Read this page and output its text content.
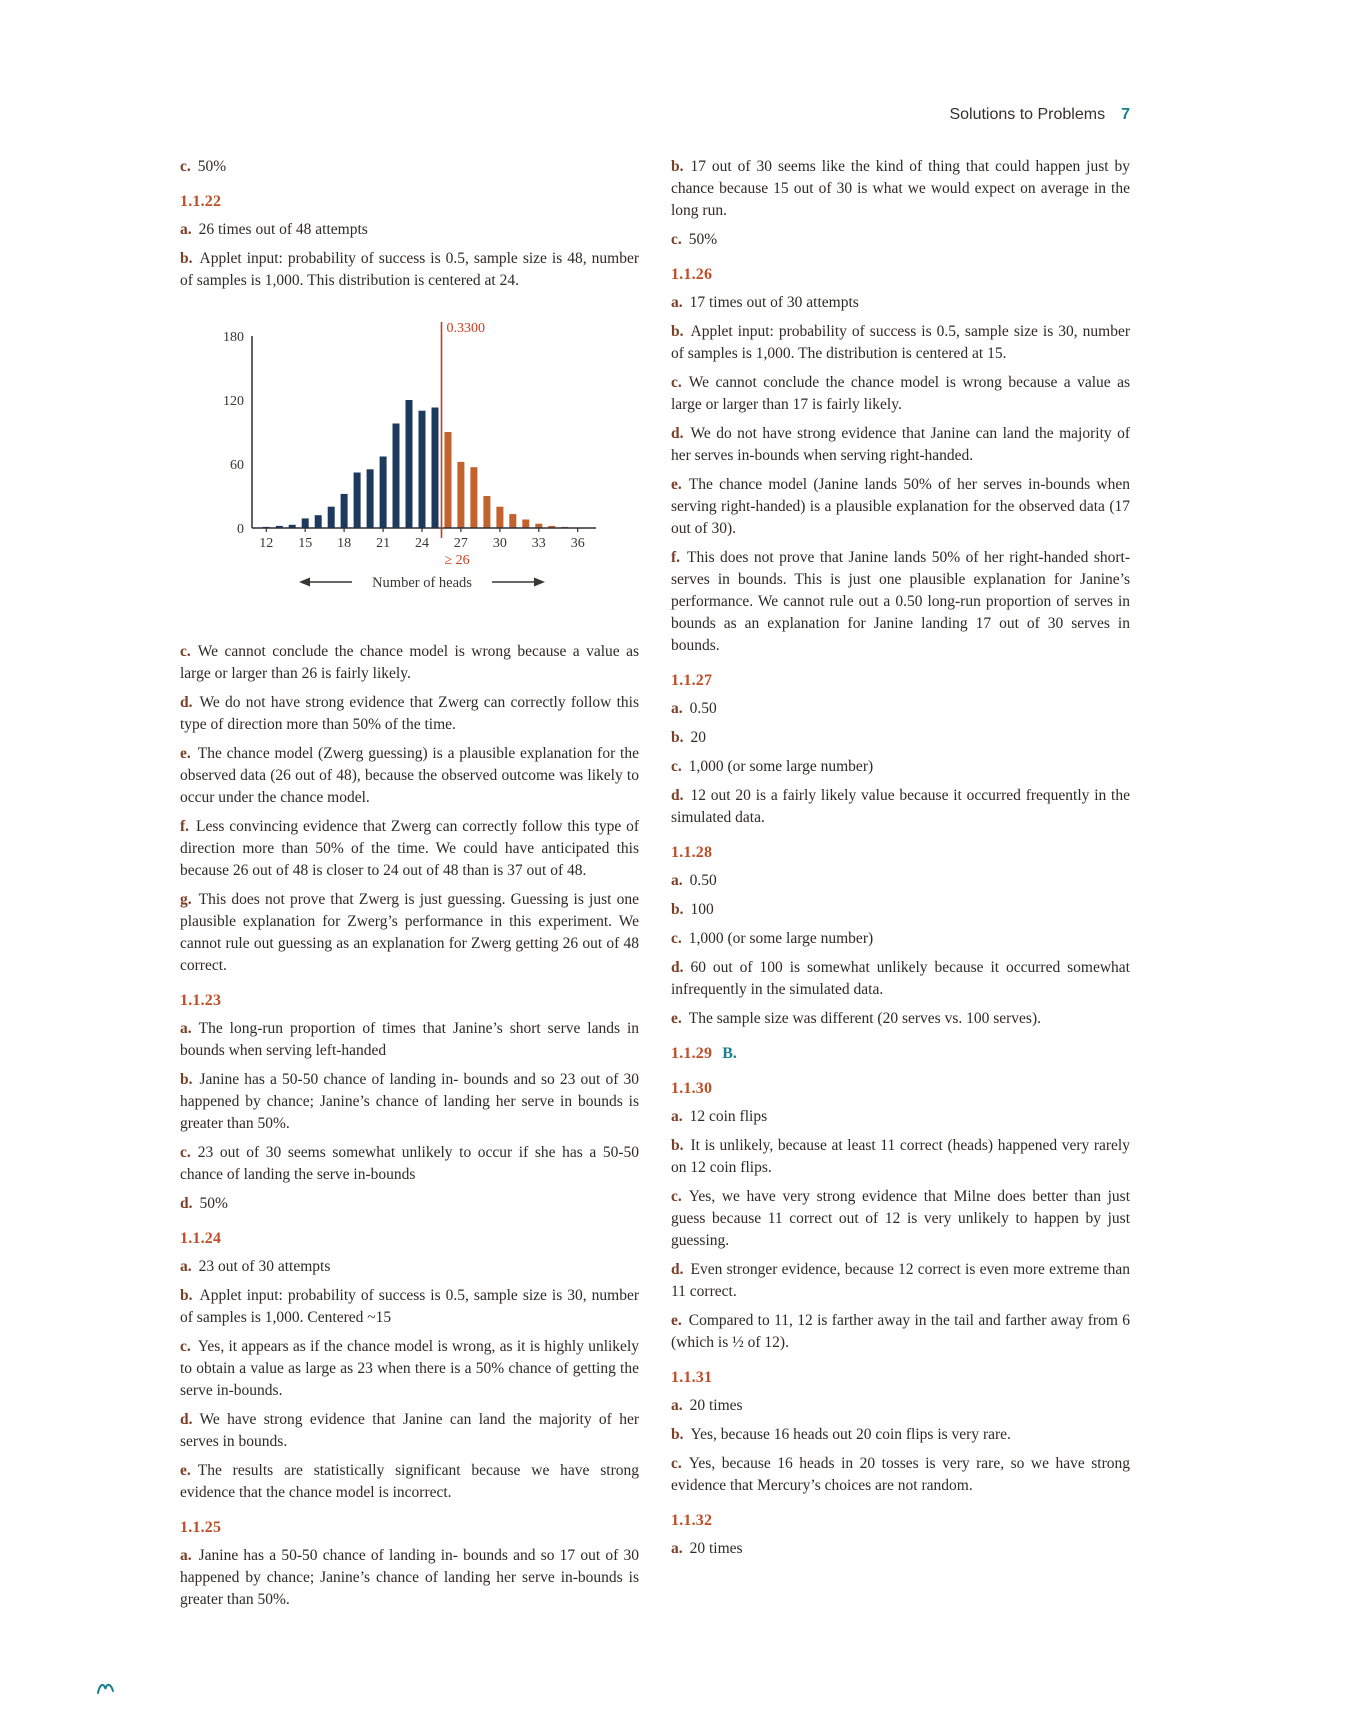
Solutions to Problems 7

c. 50%

1.1.22

a. 26 times out of 48 attempts

b. Applet input: probability of success is 0.5, sample size is 48, number of samples is 1,000. This distribution is centered at 24.

0
60
120
180
12 15 18 21 24 27 30 33 36
0.3300
≥ 26
Number of heads

c. We cannot conclude the chance model is wrong because a value as large or larger than 26 is fairly likely.

d. We do not have strong evidence that Zwerg can correctly follow this type of direction more than 50% of the time.

e. The chance model (Zwerg guessing) is a plausible explanation for the observed data (26 out of 48), because the observed outcome was likely to occur under the chance model.

f. Less convincing evidence that Zwerg can correctly follow this type of direction more than 50% of the time. We could have anticipated this because 26 out of 48 is closer to 24 out of 48 than is 37 out of 48.

g. This does not prove that Zwerg is just guessing. Guessing is just one plausible explanation for Zwerg’s performance in this experiment. We cannot rule out guessing as an explanation for Zwerg getting 26 out of 48 correct.

1.1.23

a. The long-run proportion of times that Janine’s short serve lands in bounds when serving left-handed

b. Janine has a 50-50 chance of landing in- bounds and so 23 out of 30 happened by chance; Janine’s chance of landing her serve in bounds is greater than 50%.

c. 23 out of 30 seems somewhat unlikely to occur if she has a 50-50 chance of landing the serve in-bounds

d. 50%

1.1.24

a. 23 out of 30 attempts

b. Applet input: probability of success is 0.5, sample size is 30, number of samples is 1,000. Centered ~15

c. Yes, it appears as if the chance model is wrong, as it is highly unlikely to obtain a value as large as 23 when there is a 50% chance of getting the serve in-bounds.

d. We have strong evidence that Janine can land the majority of her serves in bounds.

e. The results are statistically significant because we have strong evidence that the chance model is incorrect.

1.1.25

a. Janine has a 50-50 chance of landing in- bounds and so 17 out of 30 happened by chance; Janine’s chance of landing her serve in-bounds is greater than 50%.

b. 17 out of 30 seems like the kind of thing that could happen just by chance because 15 out of 30 is what we would expect on average in the long run.

c. 50%

1.1.26

a. 17 times out of 30 attempts

b. Applet input: probability of success is 0.5, sample size is 30, number of samples is 1,000. The distribution is centered at 15.

c. We cannot conclude the chance model is wrong because a value as large or larger than 17 is fairly likely.

d. We do not have strong evidence that Janine can land the majority of her serves in-bounds when serving right-handed.

e. The chance model (Janine lands 50% of her serves in-bounds when serving right-handed) is a plausible explanation for the observed data (17 out of 30).

f. This does not prove that Janine lands 50% of her right-handed short-serves in bounds. This is just one plausible explanation for Janine’s performance. We cannot rule out a 0.50 long-run proportion of serves in bounds as an explanation for Janine landing 17 out of 30 serves in bounds.

1.1.27

a. 0.50

b. 20

c. 1,000 (or some large number)

d. 12 out 20 is a fairly likely value because it occurred frequently in the simulated data.

1.1.28

a. 0.50

b. 100

c. 1,000 (or some large number)

d. 60 out of 100 is somewhat unlikely because it occurred somewhat infrequently in the simulated data.

e. The sample size was different (20 serves vs. 100 serves).

1.1.29 B.

1.1.30

a. 12 coin flips

b. It is unlikely, because at least 11 correct (heads) happened very rarely on 12 coin flips.

c. Yes, we have very strong evidence that Milne does better than just guess because 11 correct out of 12 is very unlikely to happen by just guessing.

d. Even stronger evidence, because 12 correct is even more extreme than 11 correct.

e. Compared to 11, 12 is farther away in the tail and farther away from 6 (which is ½ of 12).

1.1.31

a. 20 times

b. Yes, because 16 heads out 20 coin flips is very rare.

c. Yes, because 16 heads in 20 tosses is very rare, so we have strong evidence that Mercury’s choices are not random.

1.1.32

a. 20 times
